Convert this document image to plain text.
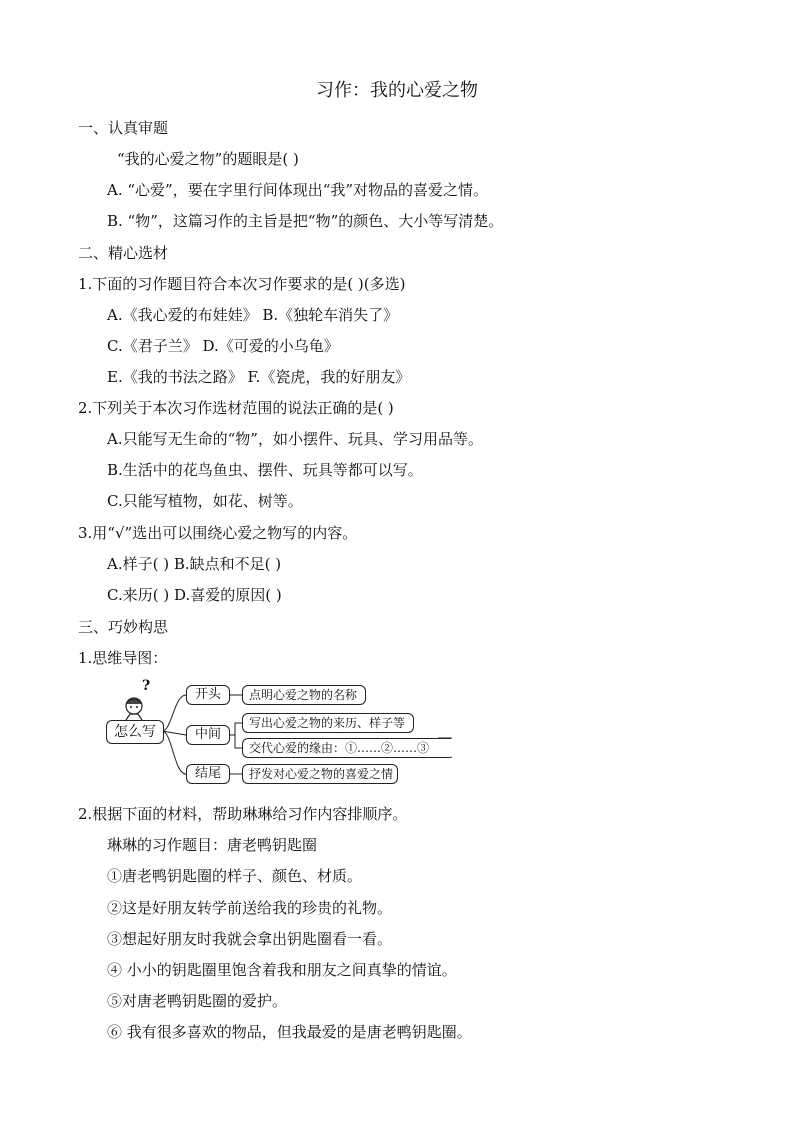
习作：我的心爱之物
一、认真审题
“我的心爱之物”的题眼是( )
A. “心爱”，要在字里行间体现出“我”对物品的喜爱之情。
B. “物”，这篇习作的主旨是把“物”的颜色、大小等写清楚。
二、精心选材
1.下面的习作题目符合本次习作要求的是( )(多选)
A.《我心爱的布娃娃》 B.《独轮车消失了》
C.《君子兰》 D.《可爱的小乌龟》
E.《我的书法之路》 F.《瓷虎，我的好朋友》
2.下列关于本次习作选材范围的说法正确的是( )
A.只能写无生命的“物”，如小摆件、玩具、学习用品等。
B.生活中的花鸟鱼虫、摆件、玩具等都可以写。
C.只能写植物，如花、树等。
3.用“√”选出可以围绕心爱之物写的内容。
A.样子( ) B.缺点和不足( )
C.来历( ) D.喜爱的原因( )
三、巧妙构思
1.思维导图：
?
怎么写
开头
中间
结尾
点明心爱之物的名称
写出心爱之物的来历、样子等
交代心爱的缘由：①……②……③
抒发对心爱之物的喜爱之情
2.根据下面的材料，帮助琳琳给习作内容排顺序。
琳琳的习作题目：唐老鸭钥匙圈
①唐老鸭钥匙圈的样子、颜色、材质。
②这是好朋友转学前送给我的珍贵的礼物。
③想起好朋友时我就会拿出钥匙圈看一看。
④ 小小的钥匙圈里饱含着我和朋友之间真挚的情谊。
⑤对唐老鸭钥匙圈的爱护。
⑥ 我有很多喜欢的物品，但我最爱的是唐老鸭钥匙圈。
